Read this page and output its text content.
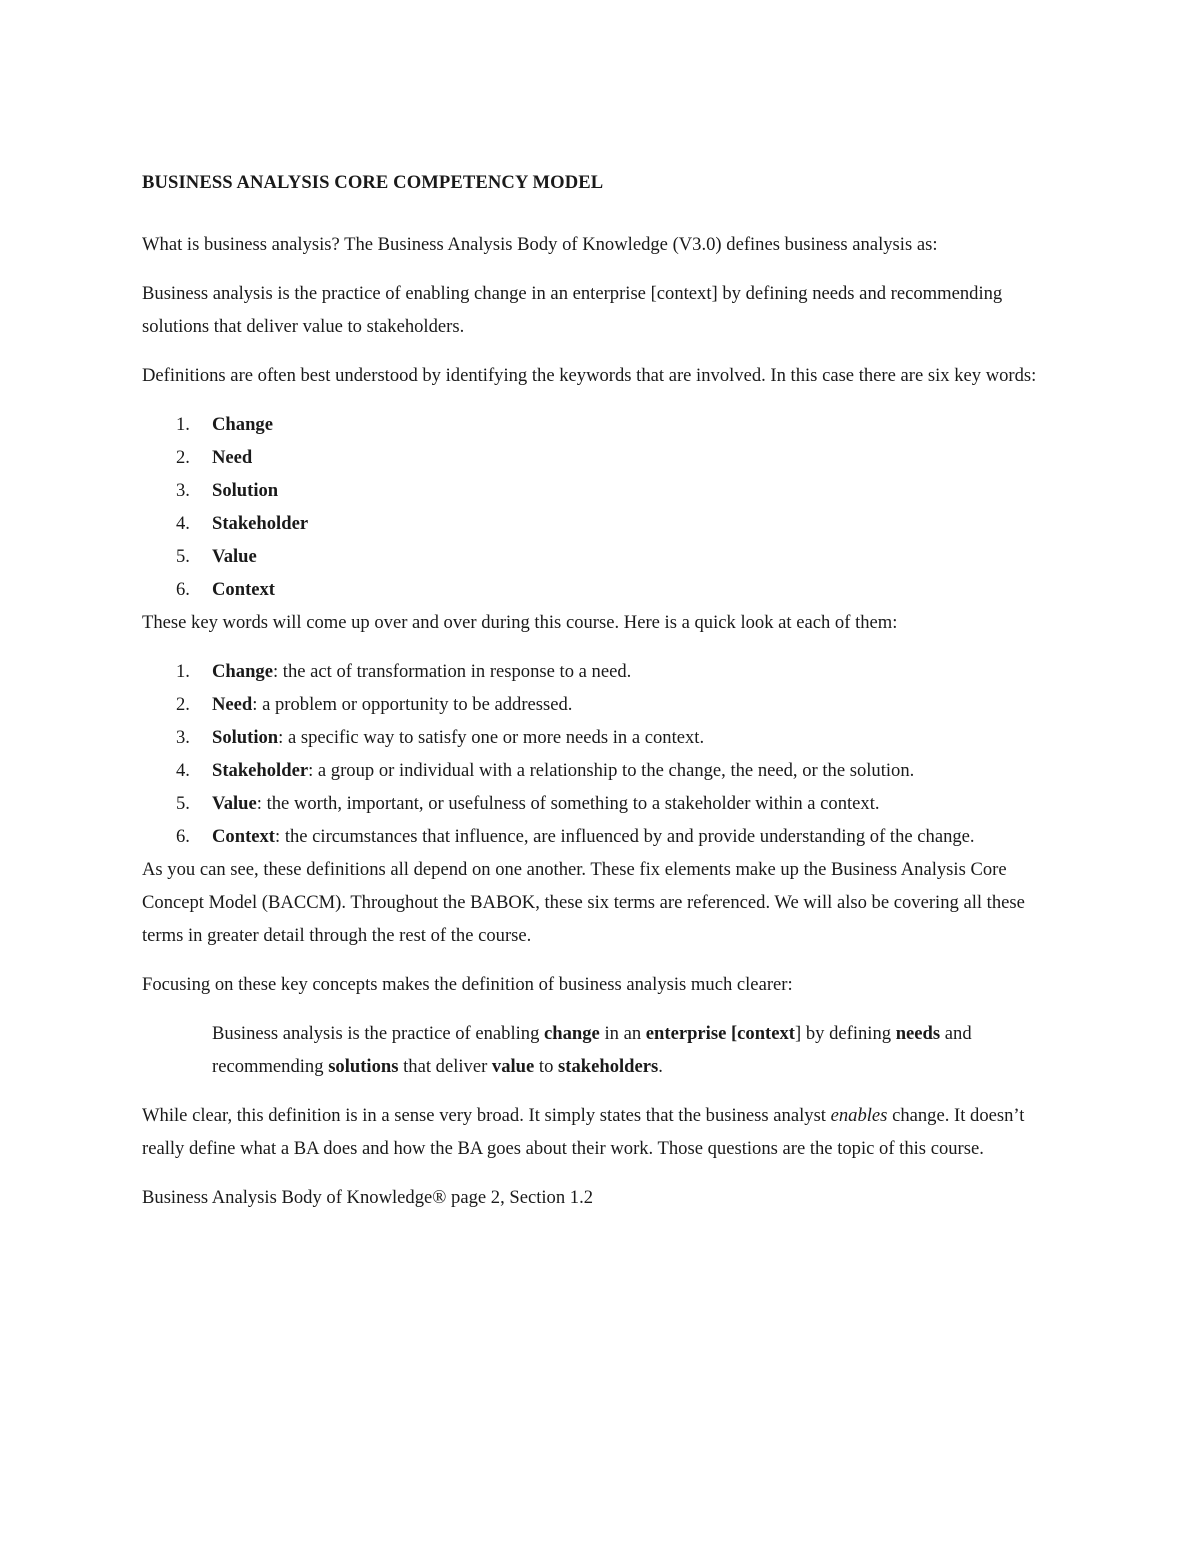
BUSINESS ANALYSIS CORE COMPETENCY MODEL

What is business analysis? The Business Analysis Body of Knowledge (V3.0) defines business analysis as:

Business analysis is the practice of enabling change in an enterprise [context] by defining needs and recommending solutions that deliver value to stakeholders.

Definitions are often best understood by identifying the keywords that are involved. In this case there are six key words:

1. Change
2. Need
3. Solution
4. Stakeholder
5. Value
6. Context

These key words will come up over and over during this course. Here is a quick look at each of them:

1. Change: the act of transformation in response to a need.
2. Need: a problem or opportunity to be addressed.
3. Solution: a specific way to satisfy one or more needs in a context.
4. Stakeholder: a group or individual with a relationship to the change, the need, or the solution.
5. Value: the worth, important, or usefulness of something to a stakeholder within a context.
6. Context: the circumstances that influence, are influenced by and provide understanding of the change.

As you can see, these definitions all depend on one another. These fix elements make up the Business Analysis Core Concept Model (BACCM). Throughout the BABOK, these six terms are referenced. We will also be covering all these terms in greater detail through the rest of the course.

Focusing on these key concepts makes the definition of business analysis much clearer:

Business analysis is the practice of enabling change in an enterprise [context] by defining needs and recommending solutions that deliver value to stakeholders.

While clear, this definition is in a sense very broad. It simply states that the business analyst enables change. It doesn’t really define what a BA does and how the BA goes about their work. Those questions are the topic of this course.

Business Analysis Body of Knowledge® page 2, Section 1.2
